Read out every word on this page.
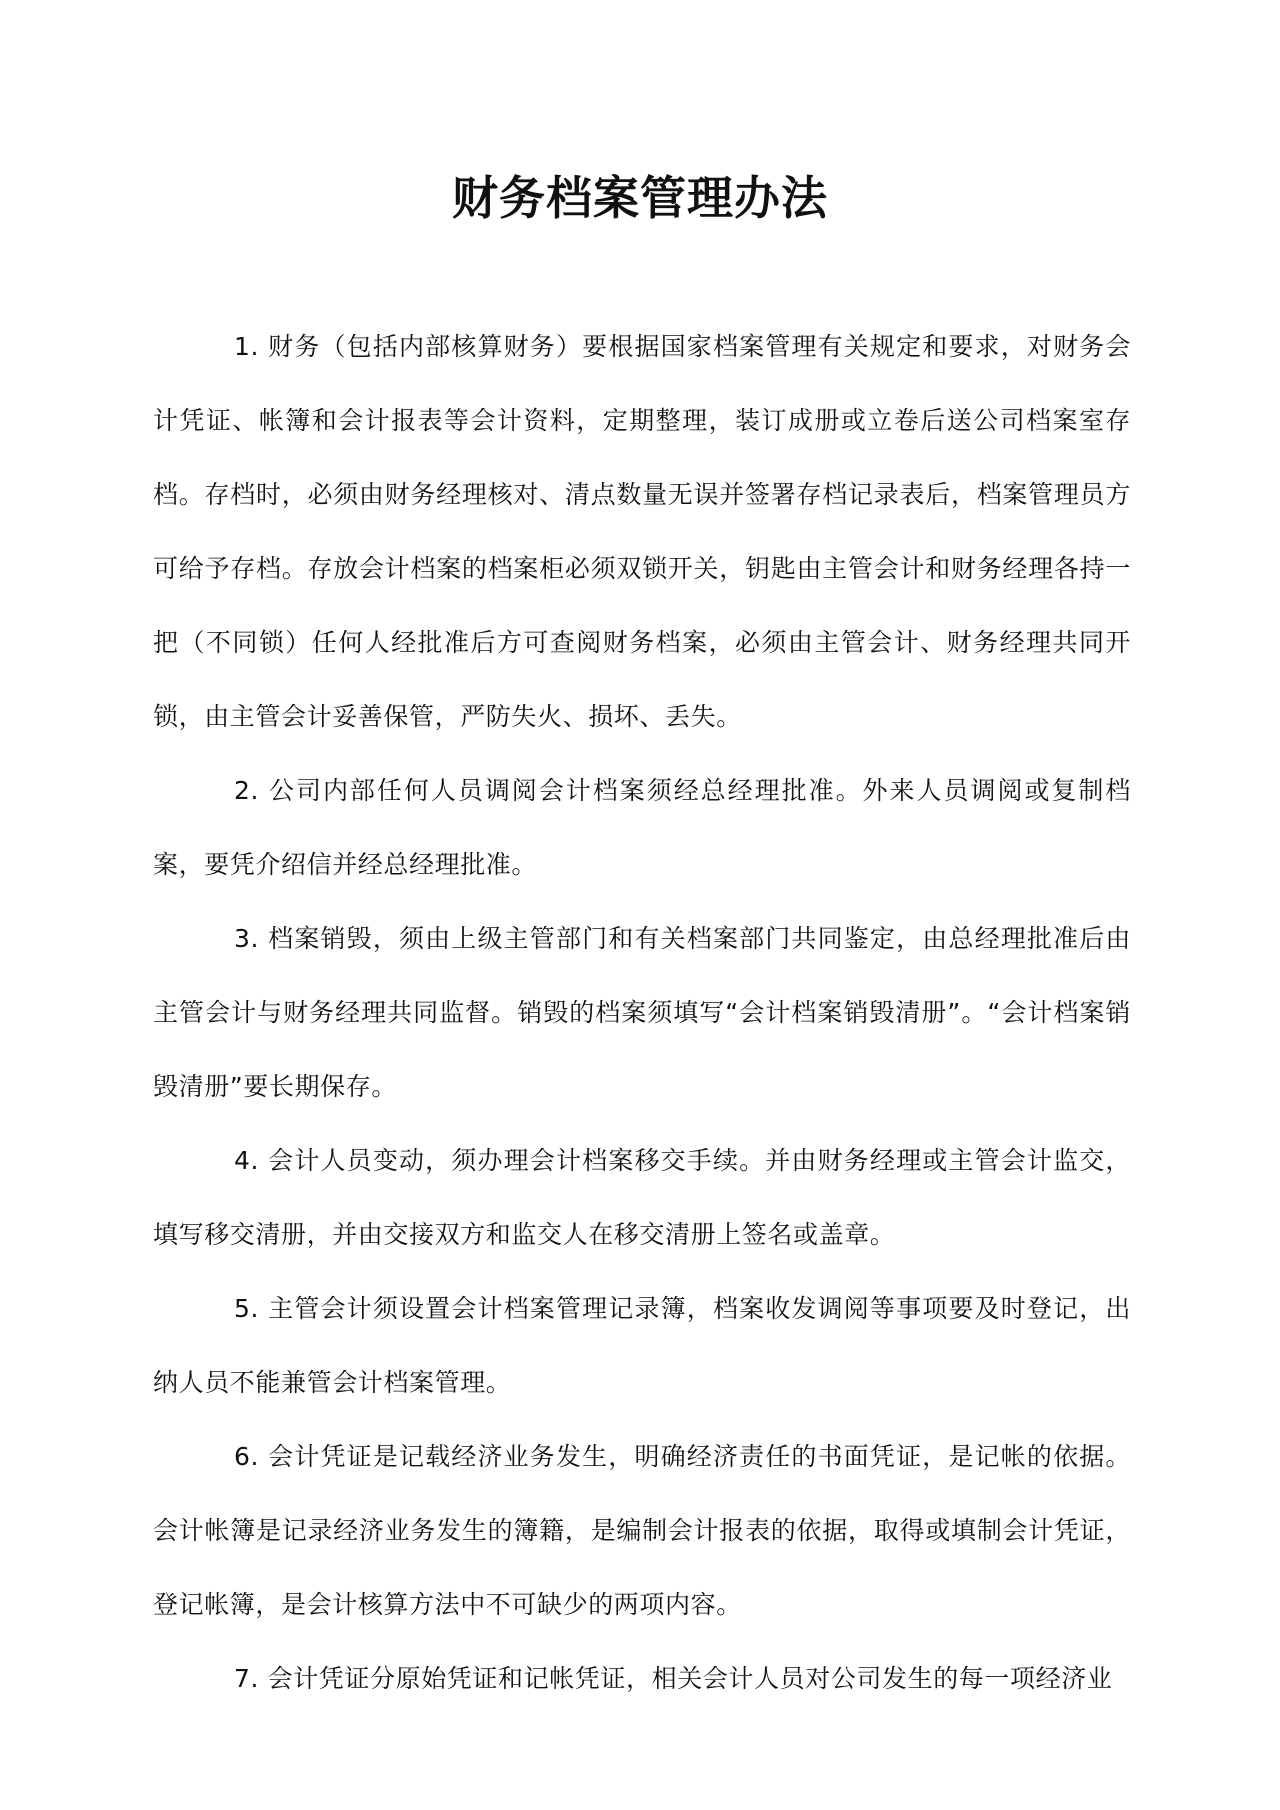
财务档案管理办法

1. 财务（包括内部核算财务）要根据国家档案管理有关规定和要求，对财务会计凭证、帐簿和会计报表等会计资料，定期整理，装订成册或立卷后送公司档案室存档。存档时，必须由财务经理核对、清点数量无误并签署存档记录表后，档案管理员方可给予存档。存放会计档案的档案柜必须双锁开关，钥匙由主管会计和财务经理各持一把（不同锁）任何人经批准后方可查阅财务档案，必须由主管会计、财务经理共同开锁，由主管会计妥善保管，严防失火、损坏、丢失。

2. 公司内部任何人员调阅会计档案须经总经理批准。外来人员调阅或复制档案，要凭介绍信并经总经理批准。

3. 档案销毁，须由上级主管部门和有关档案部门共同鉴定，由总经理批准后由主管会计与财务经理共同监督。销毁的档案须填写“会计档案销毁清册”。“会计档案销毁清册”要长期保存。

4. 会计人员变动，须办理会计档案移交手续。并由财务经理或主管会计监交，填写移交清册，并由交接双方和监交人在移交清册上签名或盖章。

5. 主管会计须设置会计档案管理记录簿，档案收发调阅等事项要及时登记，出纳人员不能兼管会计档案管理。

6. 会计凭证是记载经济业务发生，明确经济责任的书面凭证，是记帐的依据。会计帐簿是记录经济业务发生的簿籍，是编制会计报表的依据，取得或填制会计凭证，登记帐簿，是会计核算方法中不可缺少的两项内容。

7. 会计凭证分原始凭证和记帐凭证，相关会计人员对公司发生的每一项经济业
